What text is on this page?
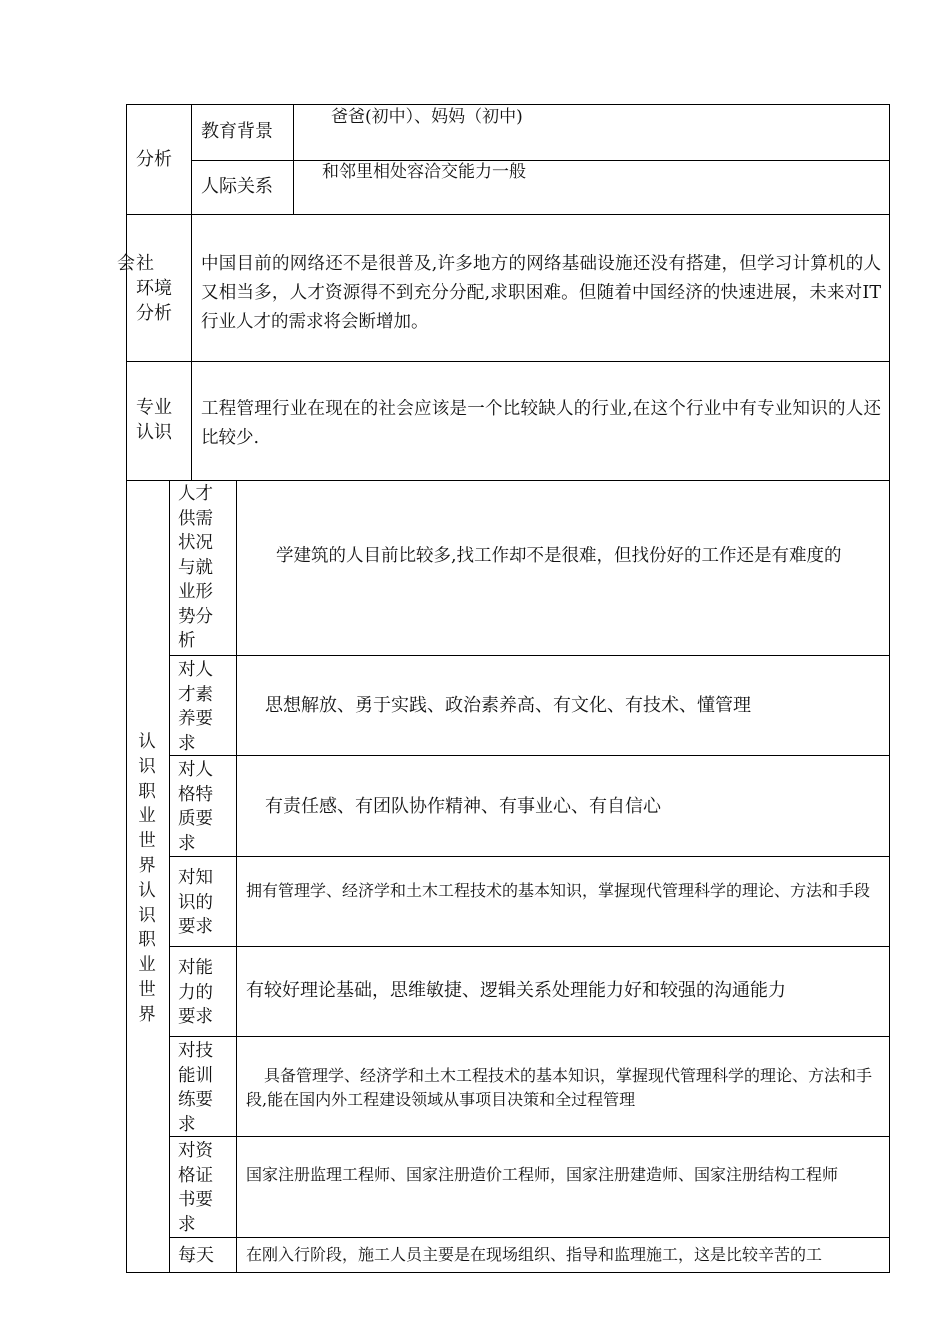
分析
教育背景
爸爸(初中）、妈妈（初中)
人际关系
和邻里相处容洽交能力一般
会 社
环境
分析
中国目前的网络还不是很普及,许多地方的网络基础设施还没有搭建，但学习计算机的人又相当多，人才资源得不到充分分配,求职困难。但随着中国经济的快速进展，未来对IT行业人才的需求将会断增加。
专业
认识
工程管理行业在现在的社会应该是一个比较缺人的行业,在这个行业中有专业知识的人还比较少.
认识职业世界认识职业世界
人才供需状况与就业形势分析
学建筑的人目前比较多,找工作却不是很难，但找份好的工作还是有难度的
对人才素养要求
思想解放、勇于实践、政治素养高、有文化、有技术、懂管理
对人格特质要求
有责任感、有团队协作精神、有事业心、有自信心
对知识的要求
拥有管理学、经济学和土木工程技术的基本知识，掌握现代管理科学的理论、方法和手段
对能力的要求
有较好理论基础，思维敏捷、逻辑关系处理能力好和较强的沟通能力
对技能训练要求
具备管理学、经济学和土木工程技术的基本知识，掌握现代管理科学的理论、方法和手段,能在国内外工程建设领域从事项目决策和全过程管理
对资格证书要求
国家注册监理工程师、国家注册造价工程师，国家注册建造师、国家注册结构工程师
每天 在刚入行阶段，施工人员主要是在现场组织、指导和监理施工，这是比较辛苦的工
